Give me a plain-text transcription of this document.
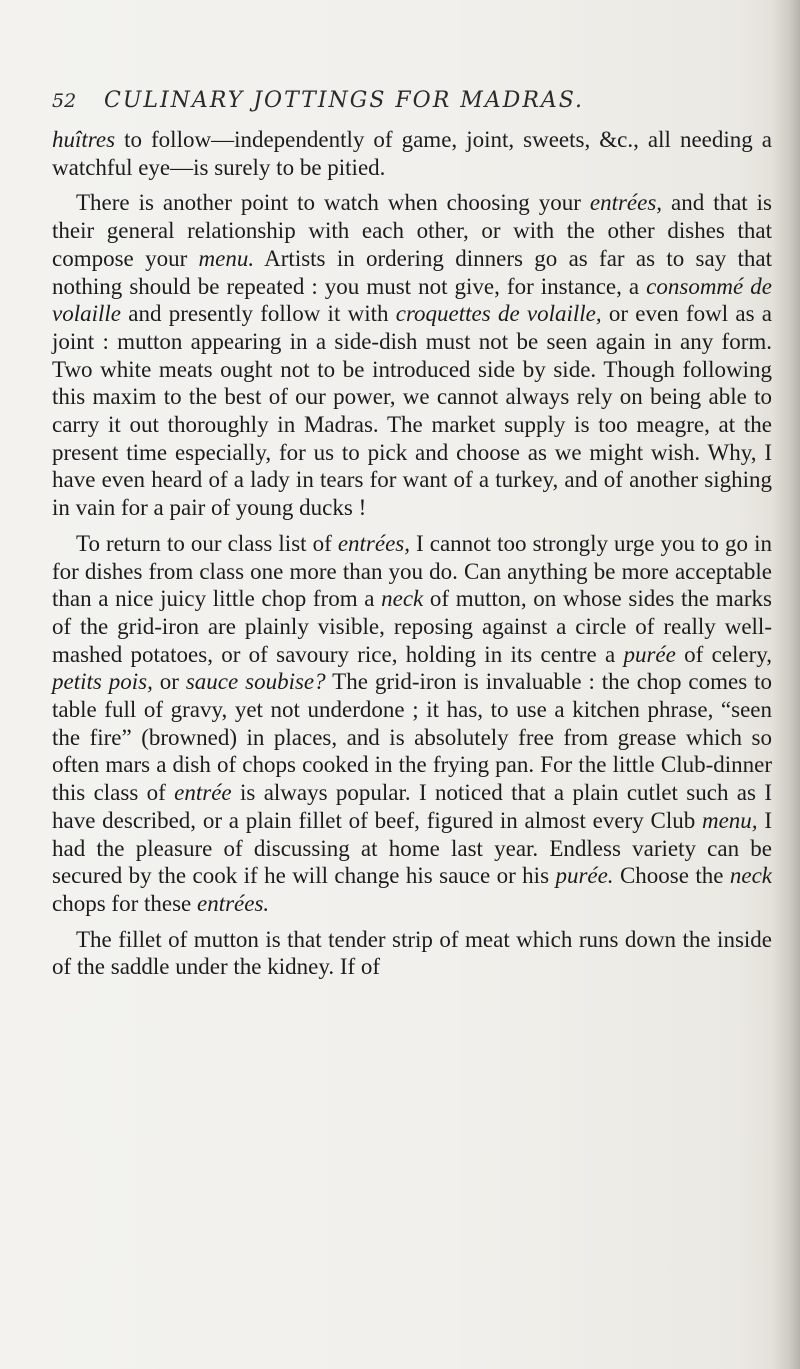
52 CULINARY JOTTINGS FOR MADRAS.

huîtres to follow—independently of game, joint, sweets, &c., all needing a watchful eye—is surely to be pitied.

There is another point to watch when choosing your entrées, and that is their general relationship with each other, or with the other dishes that compose your menu. Artists in ordering dinners go as far as to say that nothing should be repeated : you must not give, for instance, a consommé de volaille and presently follow it with croquettes de volaille, or even fowl as a joint : mutton appearing in a side-dish must not be seen again in any form. Two white meats ought not to be introduced side by side. Though following this maxim to the best of our power, we cannot always rely on being able to carry it out thoroughly in Madras. The market supply is too meagre, at the present time especially, for us to pick and choose as we might wish. Why, I have even heard of a lady in tears for want of a turkey, and of another sighing in vain for a pair of young ducks !

To return to our class list of entrées, I cannot too strongly urge you to go in for dishes from class one more than you do. Can anything be more acceptable than a nice juicy little chop from a neck of mutton, on whose sides the marks of the grid-iron are plainly visible, reposing against a circle of really well-mashed potatoes, or of savoury rice, holding in its centre a purée of celery, petits pois, or sauce soubise? The grid-iron is invaluable : the chop comes to table full of gravy, yet not underdone ; it has, to use a kitchen phrase, “seen the fire” (browned) in places, and is absolutely free from grease which so often mars a dish of chops cooked in the frying pan. For the little Club-dinner this class of entrée is always popular. I noticed that a plain cutlet such as I have described, or a plain fillet of beef, figured in almost every Club menu, I had the pleasure of discussing at home last year. Endless variety can be secured by the cook if he will change his sauce or his purée. Choose the neck chops for these entrées.

The fillet of mutton is that tender strip of meat which runs down the inside of the saddle under the kidney. If of
